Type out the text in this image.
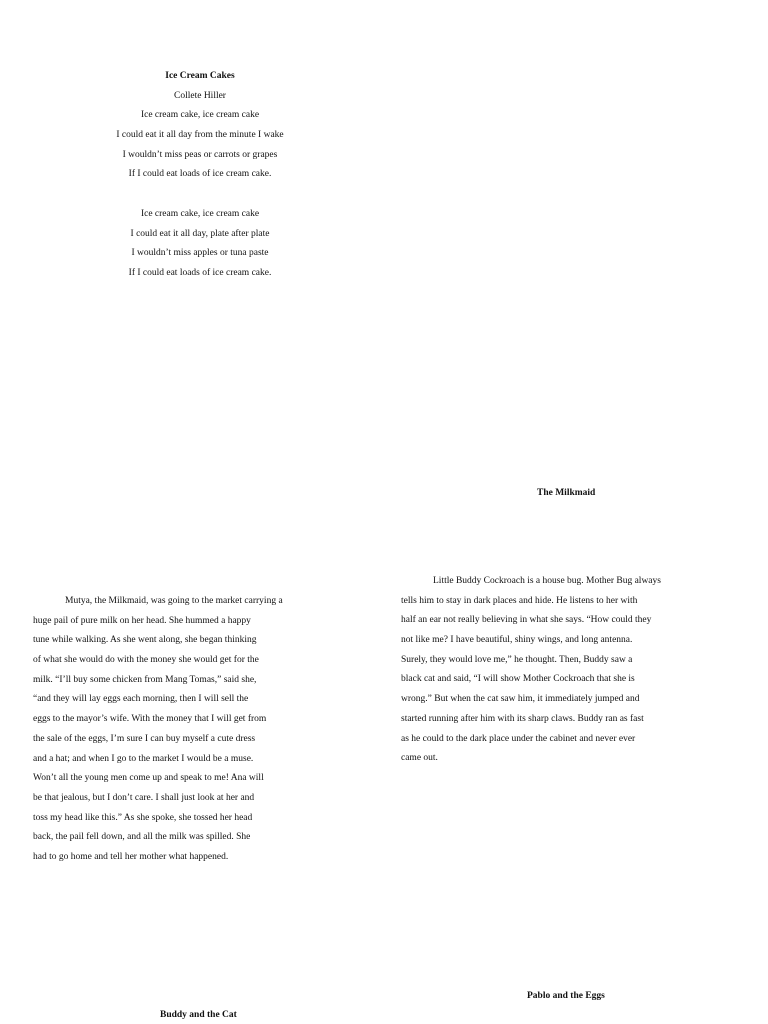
Ice Cream Cakes
Collete Hiller
Ice cream cake, ice cream cake
I could eat it all day from the minute I wake
I wouldn’t miss peas or carrots or grapes
If I could eat loads of ice cream cake.
Ice cream cake, ice cream cake
I could eat it all day, plate after plate
I wouldn’t miss apples or tuna paste
If I could eat loads of ice cream cake.
The Milkmaid
Mutya, the Milkmaid, was going to the market carrying a
huge pail of pure milk on her head. She hummed a happy
tune while walking. As she went along, she began thinking
of what she would do with the money she would get for the
milk. “I’ll buy some chicken from Mang Tomas,” said she,
“and they will lay eggs each morning, then I will sell the
eggs to the mayor’s wife. With the money that I will get from
the sale of the eggs, I’m sure I can buy myself a cute dress
and a hat; and when I go to the market I would be a muse.
Won’t all the young men come up and speak to me! Ana will
be that jealous, but I don’t care. I shall just look at her and
toss my head like this.” As she spoke, she tossed her head
back, the pail fell down, and all the milk was spilled. She
had to go home and tell her mother what happened.
Little Buddy Cockroach is a house bug. Mother Bug always
tells him to stay in dark places and hide. He listens to her with
half an ear not really believing in what she says. “How could they
not like me? I have beautiful, shiny wings, and long antenna.
Surely, they would love me,” he thought. Then, Buddy saw a
black cat and said, “I will show Mother Cockroach that she is
wrong.” But when the cat saw him, it immediately jumped and
started running after him with its sharp claws. Buddy ran as fast
as he could to the dark place under the cabinet and never ever
came out.
Pablo and the Eggs
Buddy and the Cat
